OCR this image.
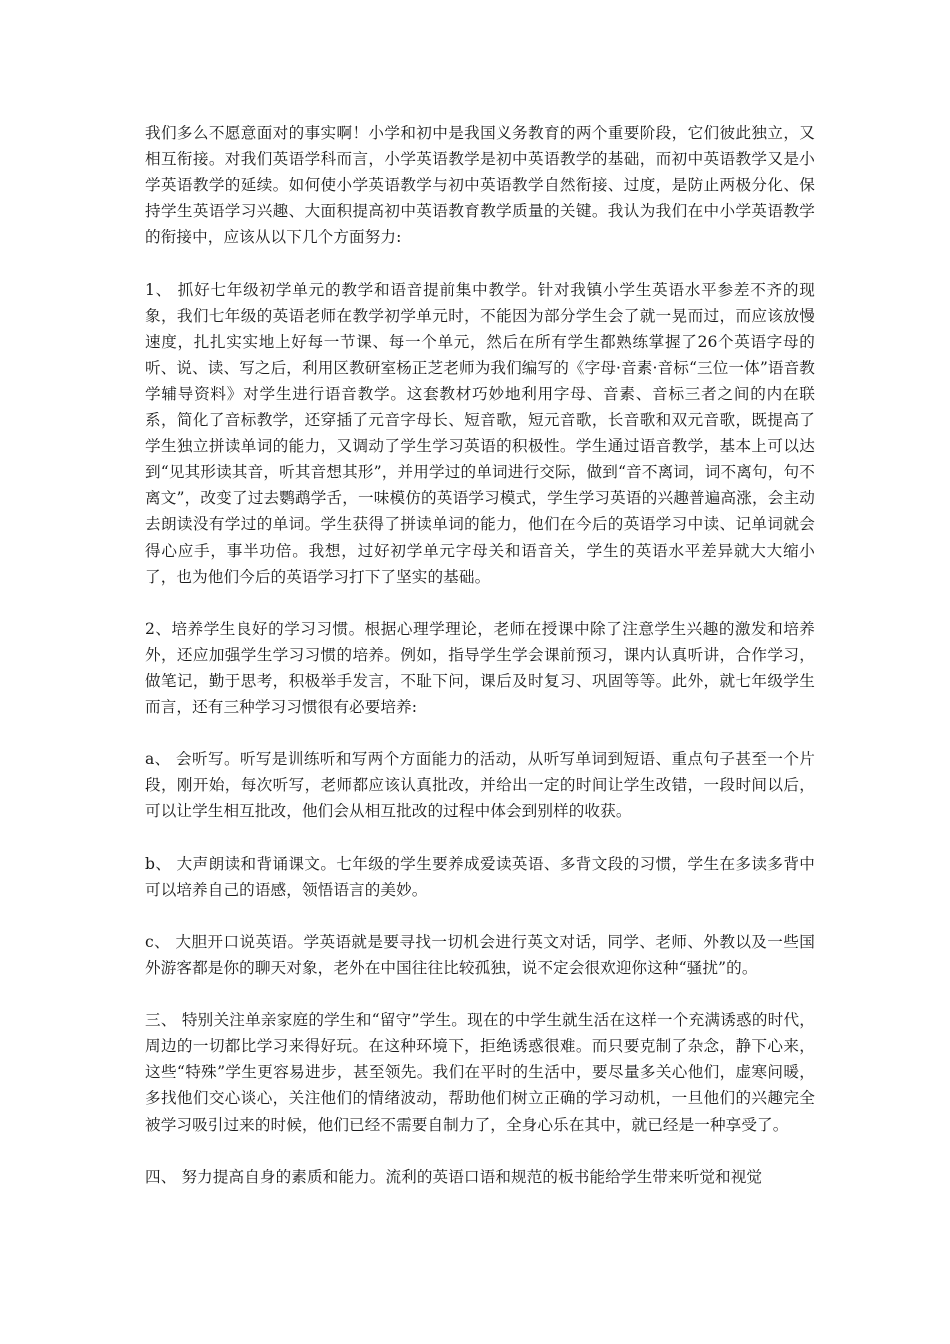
我们多么不愿意面对的事实啊！小学和初中是我国义务教育的两个重要阶段，它们彼此独立，又相互衔接。对我们英语学科而言，小学英语教学是初中英语教学的基础，而初中英语教学又是小学英语教学的延续。如何使小学英语教学与初中英语教学自然衔接、过度，是防止两极分化、保持学生英语学习兴趣、大面积提高初中英语教育教学质量的关键。我认为我们在中小学英语教学的衔接中，应该从以下几个方面努力:

1、 抓好七年级初学单元的教学和语音提前集中教学。针对我镇小学生英语水平参差不齐的现象，我们七年级的英语老师在教学初学单元时，不能因为部分学生会了就一晃而过，而应该放慢速度，扎扎实实地上好每一节课、每一个单元，然后在所有学生都熟练掌握了26个英语字母的听、说、读、写之后，利用区教研室杨正芝老师为我们编写的《字母·音素·音标“三位一体”语音教学辅导资料》对学生进行语音教学。这套教材巧妙地利用字母、音素、音标三者之间的内在联系，简化了音标教学，还穿插了元音字母长、短音歌，短元音歌，长音歌和双元音歌，既提高了学生独立拼读单词的能力，又调动了学生学习英语的积极性。学生通过语音教学，基本上可以达到“见其形读其音，听其音想其形”，并用学过的单词进行交际，做到“音不离词，词不离句，句不离文”，改变了过去鹦鹉学舌，一味模仿的英语学习模式，学生学习英语的兴趣普遍高涨，会主动去朗读没有学过的单词。学生获得了拼读单词的能力，他们在今后的英语学习中读、记单词就会得心应手，事半功倍。我想，过好初学单元字母关和语音关，学生的英语水平差异就大大缩小了，也为他们今后的英语学习打下了坚实的基础。

2、培养学生良好的学习习惯。根据心理学理论，老师在授课中除了注意学生兴趣的激发和培养外，还应加强学生学习习惯的培养。例如，指导学生学会课前预习，课内认真听讲，合作学习，做笔记，勤于思考，积极举手发言，不耻下问，课后及时复习、巩固等等。此外，就七年级学生而言，还有三种学习习惯很有必要培养:

a、 会听写。听写是训练听和写两个方面能力的活动，从听写单词到短语、重点句子甚至一个片段，刚开始，每次听写，老师都应该认真批改，并给出一定的时间让学生改错，一段时间以后，可以让学生相互批改，他们会从相互批改的过程中体会到别样的收获。

b、 大声朗读和背诵课文。七年级的学生要养成爱读英语、多背文段的习惯，学生在多读多背中可以培养自己的语感，领悟语言的美妙。

c、 大胆开口说英语。学英语就是要寻找一切机会进行英文对话，同学、老师、外教以及一些国外游客都是你的聊天对象，老外在中国往往比较孤独，说不定会很欢迎你这种“骚扰”的。

三、 特别关注单亲家庭的学生和“留守”学生。现在的中学生就生活在这样一个充满诱惑的时代，周边的一切都比学习来得好玩。在这种环境下，拒绝诱惑很难。而只要克制了杂念，静下心来，这些“特殊”学生更容易进步，甚至领先。我们在平时的生活中，要尽量多关心他们，虚寒问暖，多找他们交心谈心，关注他们的情绪波动，帮助他们树立正确的学习动机，一旦他们的兴趣完全被学习吸引过来的时候，他们已经不需要自制力了，全身心乐在其中，就已经是一种享受了。

四、 努力提高自身的素质和能力。流利的英语口语和规范的板书能给学生带来听觉和视觉
